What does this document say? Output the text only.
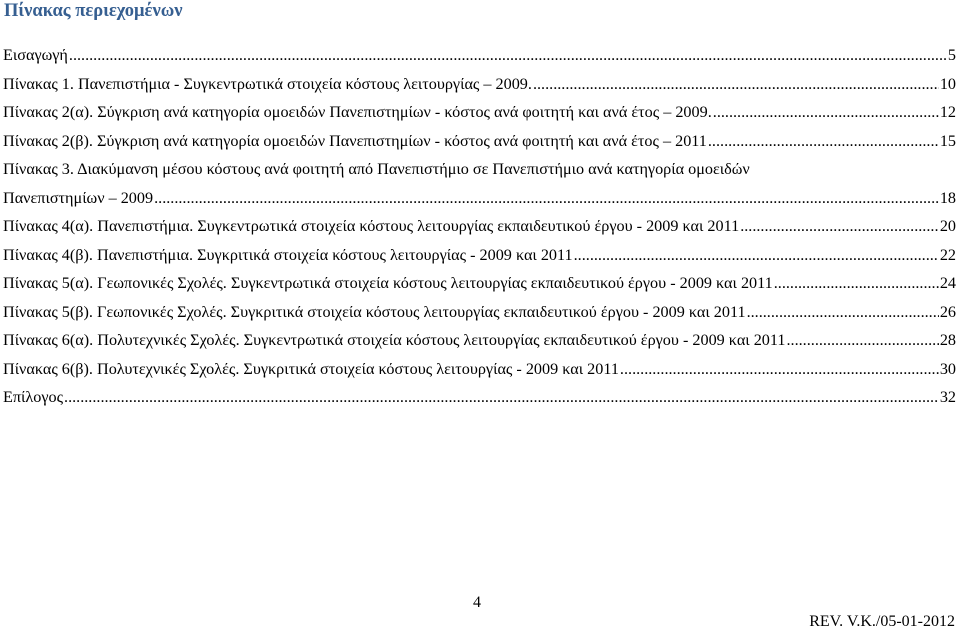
Πίνακας περιεχομένων
Εισαγωγή .....	5
Πίνακας 1. Πανεπιστήμια - Συγκεντρωτικά στοιχεία κόστους λειτουργίας – 2009. .....	10
Πίνακας 2(α). Σύγκριση ανά κατηγορία ομοειδών Πανεπιστημίων - κόστος ανά φοιτητή και ανά έτος – 2009. .....	12
Πίνακας 2(β). Σύγκριση ανά κατηγορία ομοειδών Πανεπιστημίων - κόστος ανά φοιτητή και ανά έτος – 2011 .....	15
Πίνακας 3. Διακύμανση μέσου κόστους ανά φοιτητή από Πανεπιστήμιο σε Πανεπιστήμιο ανά κατηγορία ομοειδών
Πανεπιστημίων – 2009 .....	18
Πίνακας 4(α). Πανεπιστήμια. Συγκεντρωτικά στοιχεία κόστους λειτουργίας εκπαιδευτικού έργου - 2009 και 2011 .....	20
Πίνακας 4(β). Πανεπιστήμια. Συγκριτικά στοιχεία κόστους λειτουργίας - 2009 και 2011 .....	22
Πίνακας 5(α). Γεωπονικές Σχολές. Συγκεντρωτικά στοιχεία κόστους λειτουργίας εκπαιδευτικού έργου - 2009 και 2011 .....	24
Πίνακας 5(β). Γεωπονικές Σχολές. Συγκριτικά στοιχεία κόστους λειτουργίας εκπαιδευτικού έργου - 2009 και 2011 .....	26
Πίνακας 6(α). Πολυτεχνικές Σχολές. Συγκεντρωτικά στοιχεία κόστους λειτουργίας εκπαιδευτικού έργου - 2009 και 2011 .....	28
Πίνακας 6(β). Πολυτεχνικές Σχολές. Συγκριτικά στοιχεία κόστους λειτουργίας - 2009 και 2011 .....	30
Επίλογος .....	32
4
REV. V.K./05-01-2012
